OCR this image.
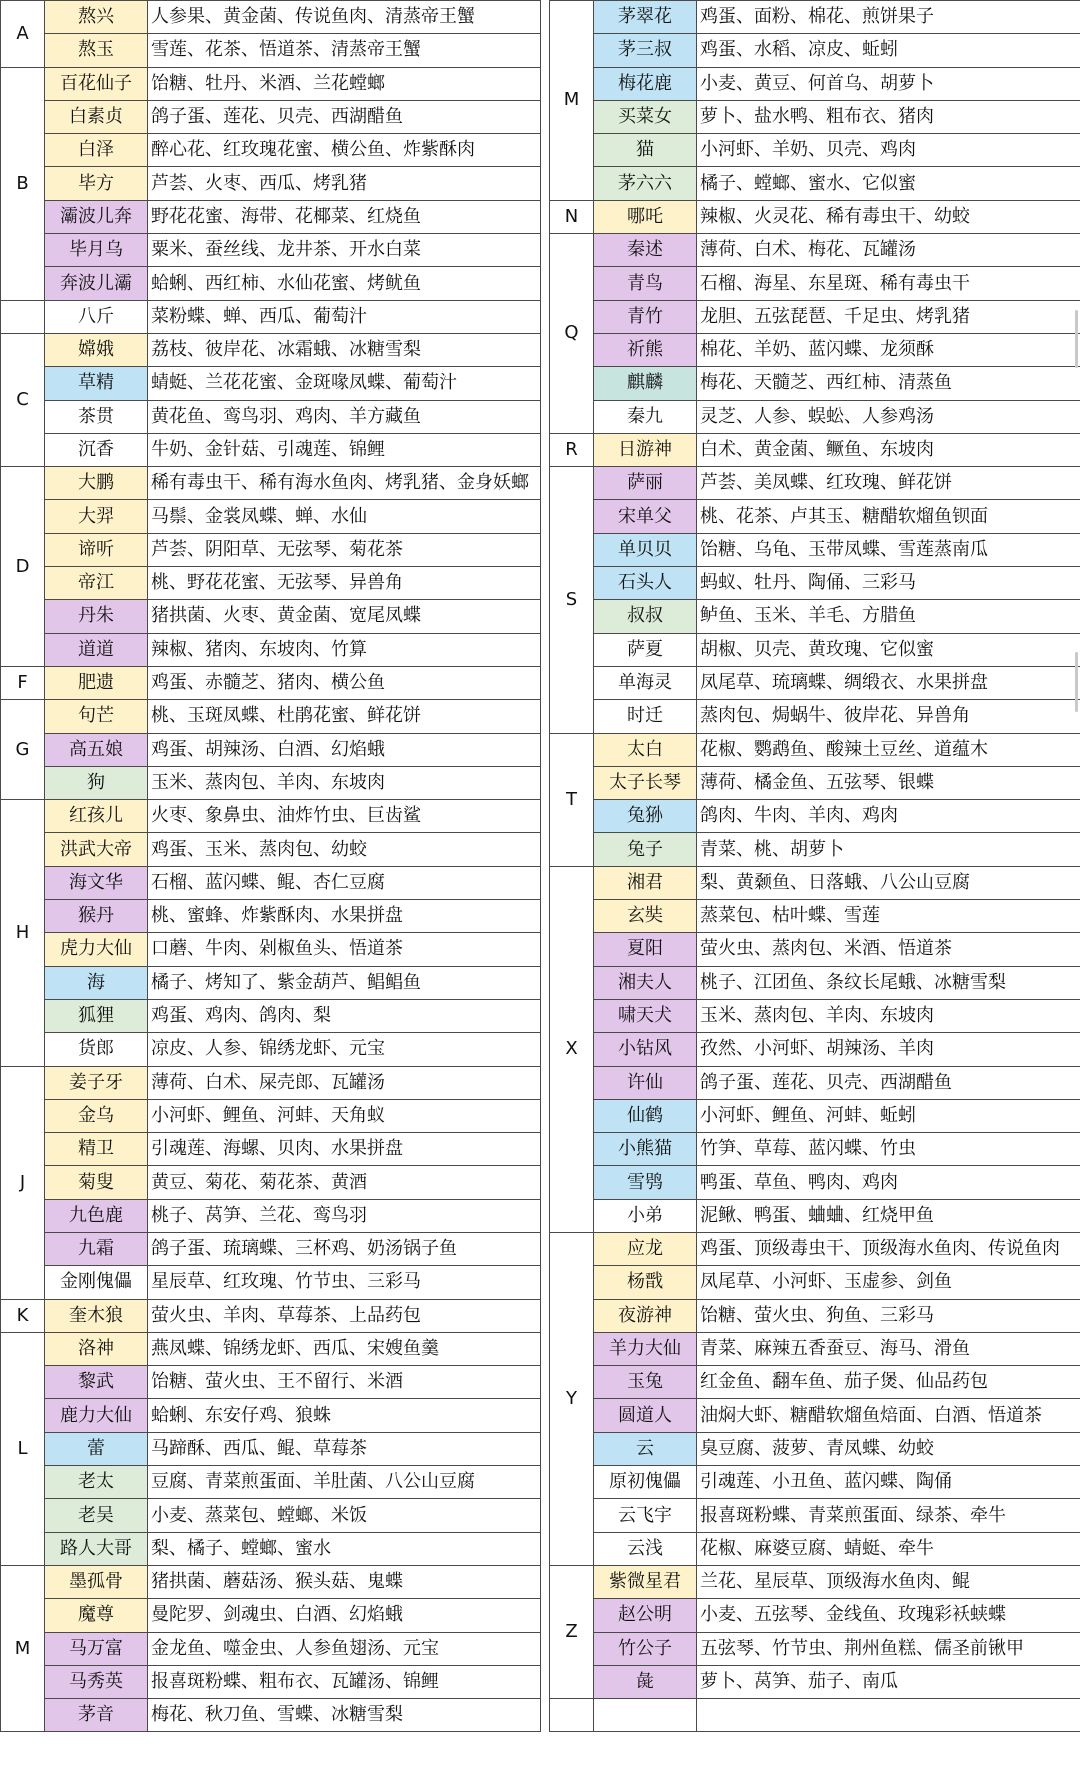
A	熬兴	人参果、黄金菌、传说鱼肉、清蒸帝王蟹
	熬玉	雪莲、花茶、悟道茶、清蒸帝王蟹
B	百花仙子	饴糖、牡丹、米酒、兰花螳螂
	白素贞	鸽子蛋、莲花、贝壳、西湖醋鱼
	白泽	醉心花、红玫瑰花蜜、横公鱼、炸紫酥肉
	毕方	芦荟、火枣、西瓜、烤乳猪
	灞波儿奔	野花花蜜、海带、花椰菜、红烧鱼
	毕月乌	粟米、蚕丝线、龙井茶、开水白菜
	奔波儿灞	蛤蜊、西红柿、水仙花蜜、烤鱿鱼
	八斤	菜粉蝶、蝉、西瓜、葡萄汁
C	嫦娥	荔枝、彼岸花、冰霜蛾、冰糖雪梨
	草精	蜻蜓、兰花花蜜、金斑喙凤蝶、葡萄汁
	茶贯	黄花鱼、鸾鸟羽、鸡肉、羊方藏鱼
	沉香	牛奶、金针菇、引魂莲、锦鲤
D	大鹏	稀有毒虫干、稀有海水鱼肉、烤乳猪、金身妖螂
	大羿	马鬃、金裳凤蝶、蝉、水仙
	谛听	芦荟、阴阳草、无弦琴、菊花茶
	帝江	桃、野花花蜜、无弦琴、异兽角
	丹朱	猪拱菌、火枣、黄金菌、宽尾凤蝶
	道道	辣椒、猪肉、东坡肉、竹算
F	肥遗	鸡蛋、赤髓芝、猪肉、横公鱼
G	句芒	桃、玉斑凤蝶、杜鹃花蜜、鲜花饼
	高五娘	鸡蛋、胡辣汤、白酒、幻焰蛾
	狗	玉米、蒸肉包、羊肉、东坡肉
H	红孩儿	火枣、象鼻虫、油炸竹虫、巨齿鲨
	洪武大帝	鸡蛋、玉米、蒸肉包、幼蛟
	海文华	石榴、蓝闪蝶、鲲、杏仁豆腐
	猴丹	桃、蜜蜂、炸紫酥肉、水果拼盘
	虎力大仙	口蘑、牛肉、剁椒鱼头、悟道茶
	海	橘子、烤知了、紫金葫芦、鲳鲳鱼
	狐狸	鸡蛋、鸡肉、鸽肉、梨
	货郎	凉皮、人参、锦绣龙虾、元宝
J	姜子牙	薄荷、白术、屎壳郎、瓦罐汤
	金乌	小河虾、鲤鱼、河蚌、天角蚁
	精卫	引魂莲、海螺、贝肉、水果拼盘
	菊叟	黄豆、菊花、菊花茶、黄酒
	九色鹿	桃子、莴笋、兰花、鸾鸟羽
	九霜	鸽子蛋、琉璃蝶、三杯鸡、奶汤锅子鱼
	金刚傀儡	星辰草、红玫瑰、竹节虫、三彩马
K	奎木狼	萤火虫、羊肉、草莓茶、上品药包
L	洛神	燕凤蝶、锦绣龙虾、西瓜、宋嫂鱼羹
	黎武	饴糖、萤火虫、王不留行、米酒
	鹿力大仙	蛤蜊、东安仔鸡、狼蛛
	蕾	马蹄酥、西瓜、鲲、草莓茶
	老太	豆腐、青菜煎蛋面、羊肚菌、八公山豆腐
	老吴	小麦、蒸菜包、螳螂、米饭
	路人大哥	梨、橘子、螳螂、蜜水
M	墨孤骨	猪拱菌、蘑菇汤、猴头菇、鬼蝶
	魔尊	曼陀罗、剑魂虫、白酒、幻焰蛾
	马万富	金龙鱼、噬金虫、人参鱼翅汤、元宝
	马秀英	报喜斑粉蝶、粗布衣、瓦罐汤、锦鲤
	茅音	梅花、秋刀鱼、雪蝶、冰糖雪梨
M	茅翠花	鸡蛋、面粉、棉花、煎饼果子
	茅三叔	鸡蛋、水稻、凉皮、蚯蚓
	梅花鹿	小麦、黄豆、何首乌、胡萝卜
	买菜女	萝卜、盐水鸭、粗布衣、猪肉
	猫	小河虾、羊奶、贝壳、鸡肉
	茅六六	橘子、螳螂、蜜水、它似蜜
N	哪吒	辣椒、火灵花、稀有毒虫干、幼蛟
Q	秦述	薄荷、白术、梅花、瓦罐汤
	青鸟	石榴、海星、东星斑、稀有毒虫干
	青竹	龙胆、五弦琵琶、千足虫、烤乳猪
	祈熊	棉花、羊奶、蓝闪蝶、龙须酥
	麒麟	梅花、天髓芝、西红柿、清蒸鱼
	秦九	灵芝、人参、蜈蚣、人参鸡汤
R	日游神	白术、黄金菌、鳜鱼、东坡肉
S	萨丽	芦荟、美凤蝶、红玫瑰、鲜花饼
	宋单父	桃、花茶、卢其玉、糖醋软熘鱼钡面
	单贝贝	饴糖、乌龟、玉带凤蝶、雪莲蒸南瓜
	石头人	蚂蚁、牡丹、陶俑、三彩马
	叔叔	鲈鱼、玉米、羊毛、方腊鱼
	萨夏	胡椒、贝壳、黄玫瑰、它似蜜
	单海灵	凤尾草、琉璃蝶、绸缎衣、水果拼盘
	时迁	蒸肉包、焗蜗牛、彼岸花、异兽角
T	太白	花椒、鹦鹉鱼、酸辣土豆丝、道蕴木
	太子长琴	薄荷、橘金鱼、五弦琴、银蝶
	兔狲	鸽肉、牛肉、羊肉、鸡肉
	兔子	青菜、桃、胡萝卜
X	湘君	梨、黄颡鱼、日落蛾、八公山豆腐
	玄奘	蒸菜包、枯叶蝶、雪莲
	夏阳	萤火虫、蒸肉包、米酒、悟道茶
	湘夫人	桃子、江团鱼、条纹长尾蛾、冰糖雪梨
	啸天犬	玉米、蒸肉包、羊肉、东坡肉
	小钻风	孜然、小河虾、胡辣汤、羊肉
	许仙	鸽子蛋、莲花、贝壳、西湖醋鱼
	仙鹤	小河虾、鲤鱼、河蚌、蚯蚓
	小熊猫	竹笋、草莓、蓝闪蝶、竹虫
	雪鸮	鸭蛋、草鱼、鸭肉、鸡肉
	小弟	泥鳅、鸭蛋、蛐蛐、红烧甲鱼
Y	应龙	鸡蛋、顶级毒虫干、顶级海水鱼肉、传说鱼肉
	杨戬	凤尾草、小河虾、玉虚参、剑鱼
	夜游神	饴糖、萤火虫、狗鱼、三彩马
	羊力大仙	青菜、麻辣五香蚕豆、海马、滑鱼
	玉兔	红金鱼、翻车鱼、茄子煲、仙品药包
	圆道人	油焖大虾、糖醋软熘鱼焙面、白酒、悟道茶
	云	臭豆腐、菠萝、青凤蝶、幼蛟
	原初傀儡	引魂莲、小丑鱼、蓝闪蝶、陶俑
	云飞宇	报喜斑粉蝶、青菜煎蛋面、绿茶、牵牛
	云浅	花椒、麻婆豆腐、蜻蜓、牵牛
Z	紫微星君	兰花、星辰草、顶级海水鱼肉、鲲
	赵公明	小麦、五弦琴、金线鱼、玫瑰彩袄蛱蝶
	竹公子	五弦琴、竹节虫、荆州鱼糕、儒圣前锹甲
	彘	萝卜、莴笋、茄子、南瓜
